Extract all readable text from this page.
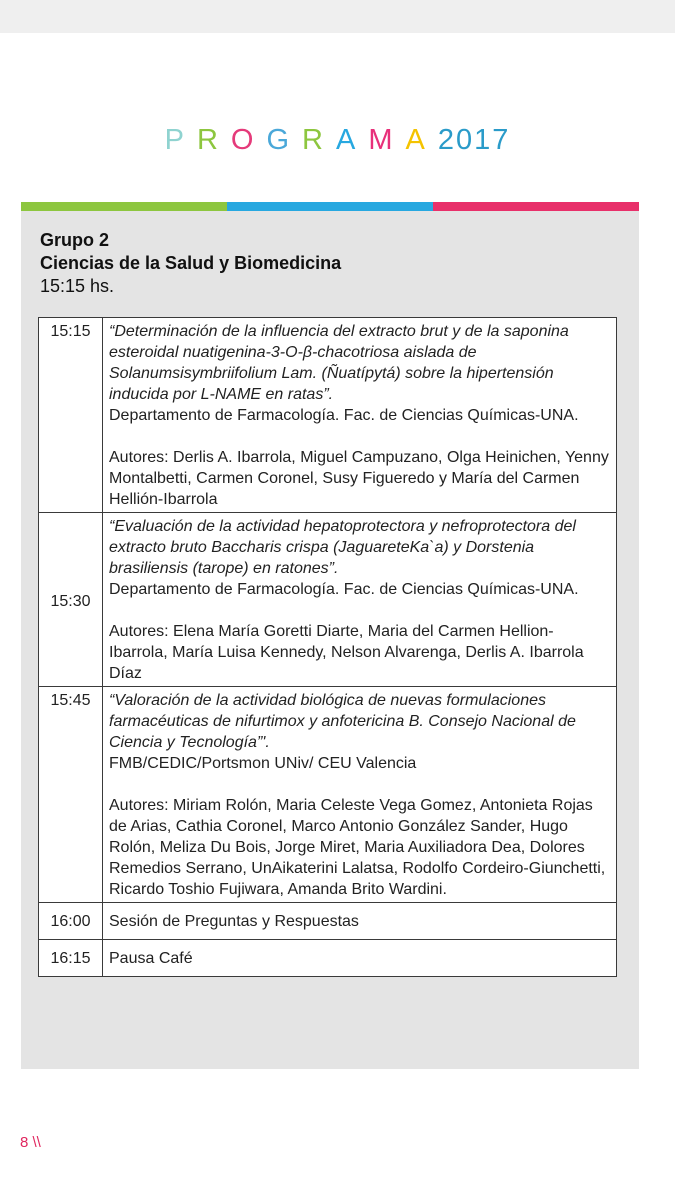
P R O G R A M A 2017
Grupo 2
Ciencias de la Salud y Biomedicina
15:15 hs.
15:15	“Determinación de la influencia del extracto brut y de la saponina esteroidal nuatigenina-3-O-β-chacotriosa aislada de Solanumsisymbriifolium Lam. (Ñuatípytá) sobre la hipertensión inducida por L-NAME en ratas”.
Departamento de Farmacología. Fac. de Ciencias Químicas-UNA.
Autores: Derlis A. Ibarrola, Miguel Campuzano, Olga Heinichen, Yenny Montalbetti, Carmen Coronel, Susy Figueredo y María del Carmen Hellión-Ibarrola

15:30	“Evaluación de la actividad hepatoprotectora y nefroprotectora del extracto bruto Baccharis crispa (JaguareteKa`a) y Dorstenia brasiliensis (tarope) en ratones”.
Departamento de Farmacología. Fac. de Ciencias Químicas-UNA.
Autores: Elena María Goretti Diarte, Maria del Carmen Hellion-Ibarrola, María Luisa Kennedy, Nelson Alvarenga, Derlis A. Ibarrola Díaz

15:45	“Valoración de la actividad biológica de nuevas formulaciones farmacéuticas de nifurtimox y anfotericina B. Consejo Nacional de Ciencia y Tecnología”'.
FMB/CEDIC/Portsmon UNiv/ CEU Valencia
Autores: Miriam Rolón, Maria Celeste Vega Gomez, Antonieta Rojas de Arias, Cathia Coronel, Marco Antonio González Sander, Hugo Rolón, Meliza Du Bois, Jorge Miret, Maria Auxiliadora Dea, Dolores Remedios Serrano, UnAikaterini Lalatsa, Rodolfo Cordeiro-Giunchetti, Ricardo Toshio Fujiwara, Amanda Brito Wardini.

16:00	Sesión de Preguntas y Respuestas
16:15	Pausa Café
8 \\
